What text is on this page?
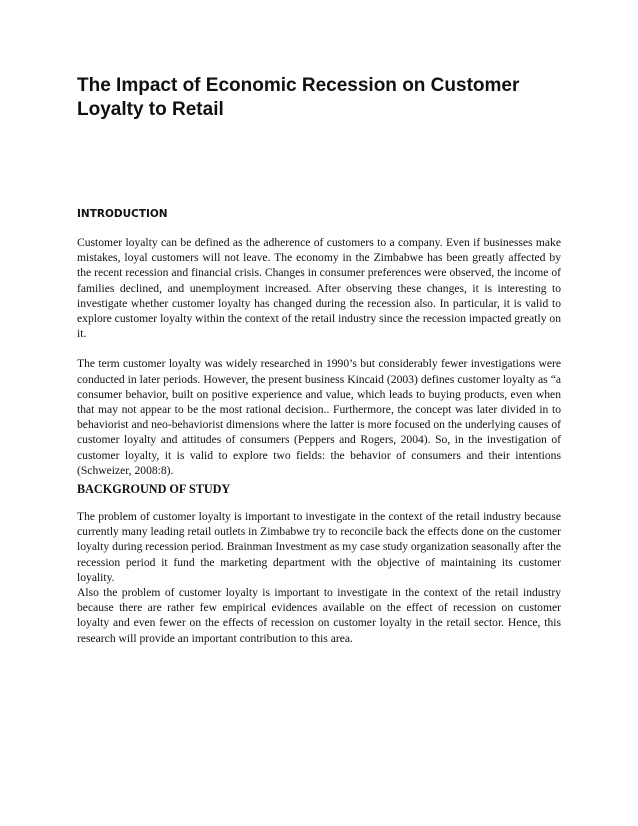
The Impact of Economic Recession on Customer Loyalty to Retail
INTRODUCTION

Customer loyalty can be defined as the adherence of customers to a company. Even if businesses make mistakes, loyal customers will not leave. The economy in the Zimbabwe has been greatly affected by the recent recession and financial crisis. Changes in consumer preferences were observed, the income of families declined, and unemployment increased. After observing these changes, it is interesting to investigate whether customer loyalty has changed during the recession also. In particular, it is valid to explore customer loyalty within the context of the retail industry since the recession impacted greatly on it.

The term customer loyalty was widely researched in 1990’s but considerably fewer investigations were conducted in later periods. However, the present business Kincaid (2003) defines customer loyalty as “a consumer behavior, built on positive experience and value, which leads to buying products, even when that may not appear to be the most rational decision.. Furthermore, the concept was later divided in to behaviorist and neo-behaviorist dimensions where the latter is more focused on the underlying causes of customer loyalty and attitudes of consumers (Peppers and Rogers, 2004). So, in the investigation of customer loyalty, it is valid to explore two fields: the behavior of consumers and their intentions (Schweizer, 2008:8).

BACKGROUND OF STUDY

The problem of customer loyalty is important to investigate in the context of the retail industry because currently many leading retail outlets in Zimbabwe try to reconcile back the effects done on the customer loyalty during recession period. Brainman Investment as my case study organization seasonally after the recession period it fund the marketing department with the objective of maintaining its customer loyality.

Also the problem of customer loyalty is important to investigate in the context of the retail industry because there are rather few empirical evidences available on the effect of recession on customer loyalty and even fewer on the effects of recession on customer loyalty in the retail sector. Hence, this research will provide an important contribution to this area.
